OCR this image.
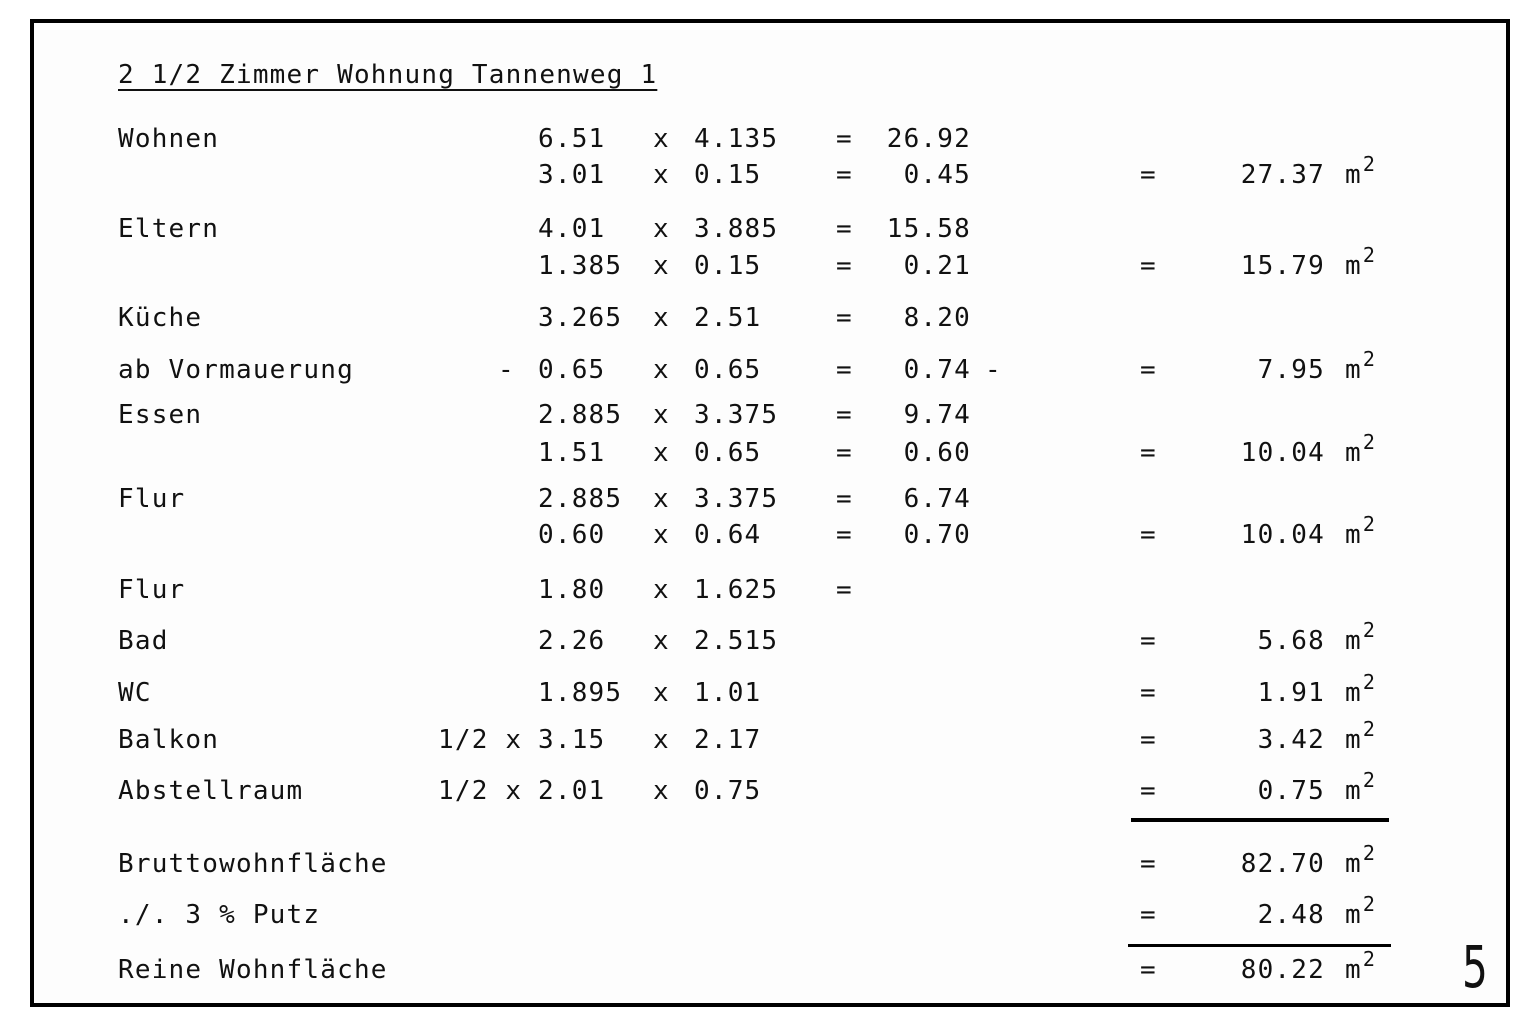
2 1/2 Zimmer Wohnung Tannenweg 1
Wohnen	6.51 x 4.135 = 26.92
3.01 x 0.15	= 0.45	=	27.37 $m^2$
Eltern	4.01 x 3.885 = 15.58
1.385 x 0.15	= 0.21	=	15.79 $m^2$
Küche	3.265 x 2.51	= 8.20
ab Vormauerung	- 0.65 x 0.65	= 0.74 -	=	7.95 $m^2$
Essen	2.885 x 3.375 = 9.74
1.51 x 0.65	= 0.60	=	10.04 $m^2$
Flur	2.885 x 3.375 = 6.74
0.60 x 0.64	= 0.70	=	10.04 $m^2$
Flur	1.80 x 1.625 =
Bad	2.26 x 2.515	=	5.68 $m^2$
WC	1.895 x 1.01	=	1.91 $m^2$
Balkon	1/2 x 3.15 x 2.17	=	3.42 $m^2$
Abstellraum	1/2 x 2.01 x 0.75	=	0.75 $m^2$
Bruttowohnfläche	=	82.70 $m^2$
./. 3 % Putz	=	2.48 $m^2$
Reine Wohnfläche	=	80.22 $m^2$ 5
